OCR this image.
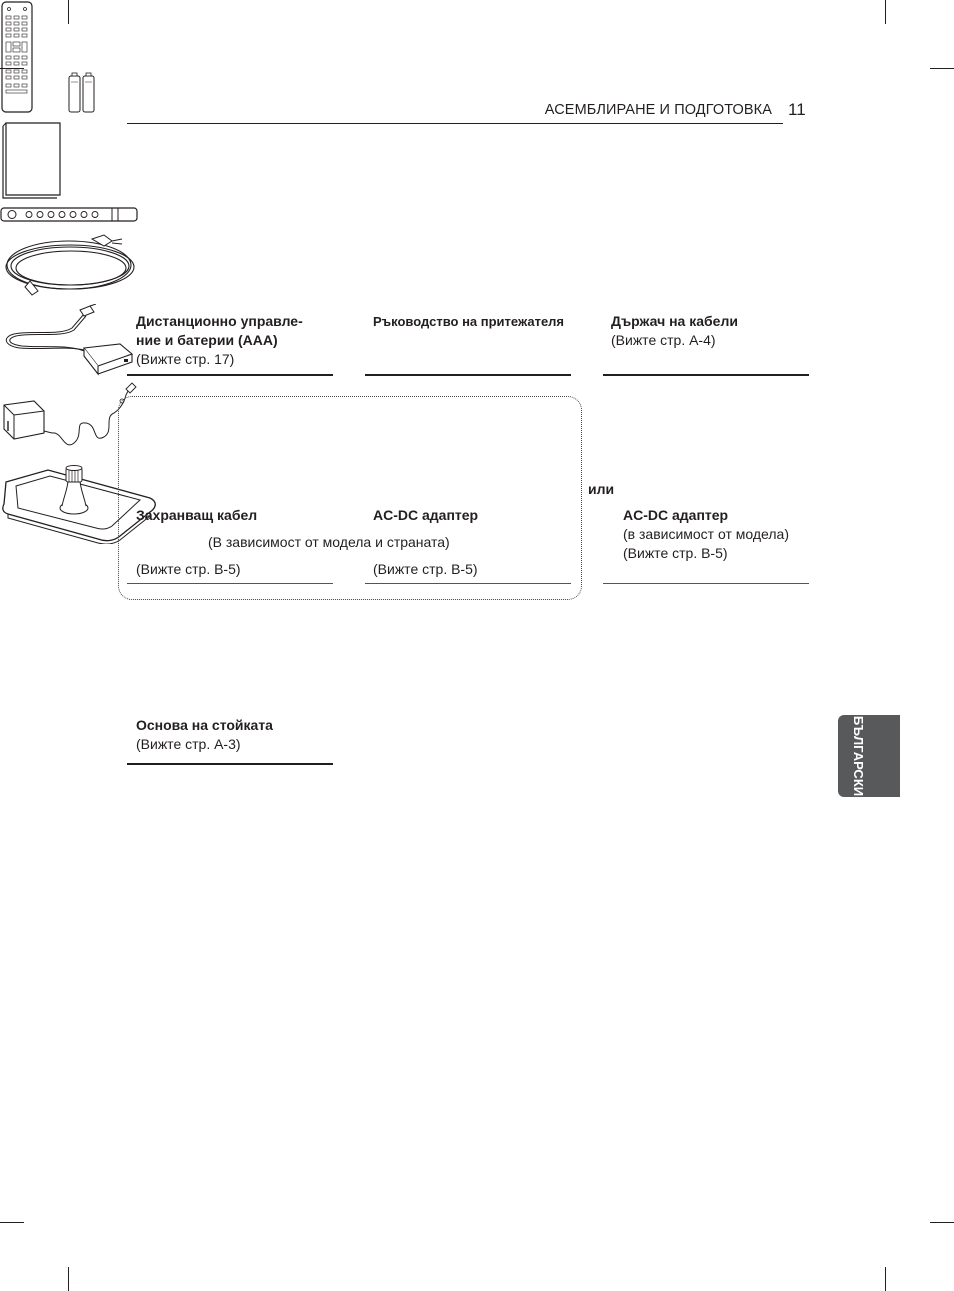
АСЕМБЛИРАНЕ И ПОДГОТОВКА 11

Дистанционно управле-
ние и батерии (AAA)
(Вижте стр. 17)
Ръководство на притежателя	Държач на кабели
(Вижте стр. A-4)
Захранващ кабел
(Вижте стр. B-5)
AC-DC адаптер
(Вижте стр. B-5)
(В зависимост от модела и страната)
или
AC-DC адаптер
(в зависимост от модела)
(Вижте стр. B-5)
Основа на стойката
(Вижте стр. A-3)	БЪЛГАРСКИ
